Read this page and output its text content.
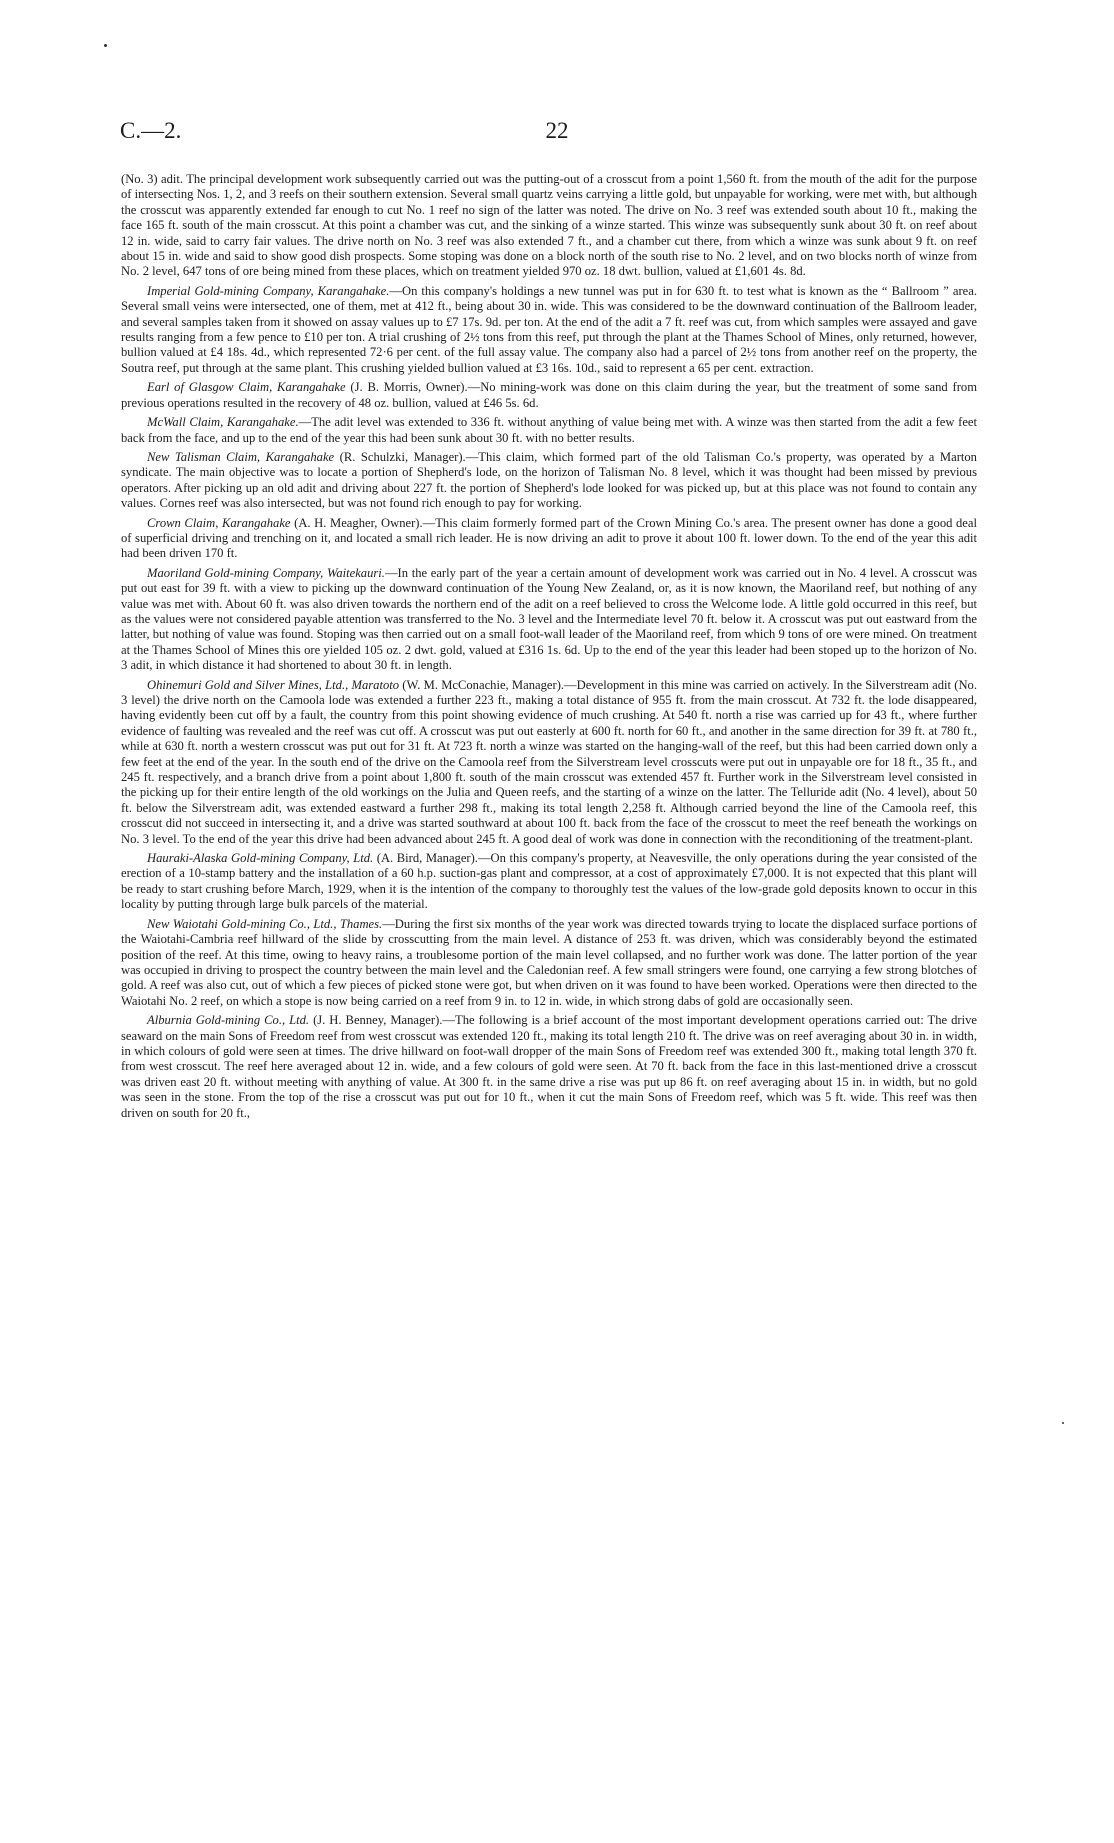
C.—2.	22

(No. 3) adit. The principal development work subsequently carried out was the putting-out of a crosscut from a point 1,560 ft. from the mouth of the adit for the purpose of intersecting Nos. 1, 2, and 3 reefs on their southern extension. Several small quartz veins carrying a little gold, but unpayable for working, were met with, but although the crosscut was apparently extended far enough to cut No. 1 reef no sign of the latter was noted. The drive on No. 3 reef was extended south about 10 ft., making the face 165 ft. south of the main crosscut. At this point a chamber was cut, and the sinking of a winze started. This winze was subsequently sunk about 30 ft. on reef about 12 in. wide, said to carry fair values. The drive north on No. 3 reef was also extended 7 ft., and a chamber cut there, from which a winze was sunk about 9 ft. on reef about 15 in. wide and said to show good dish prospects. Some stoping was done on a block north of the south rise to No. 2 level, and on two blocks north of winze from No. 2 level, 647 tons of ore being mined from these places, which on treatment yielded 970 oz. 18 dwt. bullion, valued at £1,601 4s. 8d.

Imperial Gold-mining Company, Karangahake.—On this company's holdings a new tunnel was put in for 630 ft. to test what is known as the “ Ballroom ” area. Several small veins were intersected, one of them, met at 412 ft., being about 30 in. wide. This was considered to be the downward continuation of the Ballroom leader, and several samples taken from it showed on assay values up to £7 17s. 9d. per ton. At the end of the adit a 7 ft. reef was cut, from which samples were assayed and gave results ranging from a few pence to £10 per ton. A trial crushing of 2½ tons from this reef, put through the plant at the Thames School of Mines, only returned, however, bullion valued at £4 18s. 4d., which represented 72·6 per cent. of the full assay value. The company also had a parcel of 2½ tons from another reef on the property, the Soutra reef, put through at the same plant. This crushing yielded bullion valued at £3 16s. 10d., said to represent a 65 per cent. extraction.

Earl of Glasgow Claim, Karangahake (J. B. Morris, Owner).—No mining-work was done on this claim during the year, but the treatment of some sand from previous operations resulted in the recovery of 48 oz. bullion, valued at £46 5s. 6d.

McWall Claim, Karangahake.—The adit level was extended to 336 ft. without anything of value being met with. A winze was then started from the adit a few feet back from the face, and up to the end of the year this had been sunk about 30 ft. with no better results.

New Talisman Claim, Karangahake (R. Schulzki, Manager).—This claim, which formed part of the old Talisman Co.'s property, was operated by a Marton syndicate. The main objective was to locate a portion of Shepherd's lode, on the horizon of Talisman No. 8 level, which it was thought had been missed by previous operators. After picking up an old adit and driving about 227 ft. the portion of Shepherd's lode looked for was picked up, but at this place was not found to contain any values. Cornes reef was also intersected, but was not found rich enough to pay for working.

Crown Claim, Karangahake (A. H. Meagher, Owner).—This claim formerly formed part of the Crown Mining Co.'s area. The present owner has done a good deal of superficial driving and trenching on it, and located a small rich leader. He is now driving an adit to prove it about 100 ft. lower down. To the end of the year this adit had been driven 170 ft.

Maoriland Gold-mining Company, Waitekauri.—In the early part of the year a certain amount of development work was carried out in No. 4 level. A crosscut was put out east for 39 ft. with a view to picking up the downward continuation of the Young New Zealand, or, as it is now known, the Maoriland reef, but nothing of any value was met with. About 60 ft. was also driven towards the northern end of the adit on a reef believed to cross the Welcome lode. A little gold occurred in this reef, but as the values were not considered payable attention was transferred to the No. 3 level and the Intermediate level 70 ft. below it. A crosscut was put out eastward from the latter, but nothing of value was found. Stoping was then carried out on a small foot-wall leader of the Maoriland reef, from which 9 tons of ore were mined. On treatment at the Thames School of Mines this ore yielded 105 oz. 2 dwt. gold, valued at £316 1s. 6d. Up to the end of the year this leader had been stoped up to the horizon of No. 3 adit, in which distance it had shortened to about 30 ft. in length.

Ohinemuri Gold and Silver Mines, Ltd., Maratoto (W. M. McConachie, Manager).—Development in this mine was carried on actively. In the Silverstream adit (No. 3 level) the drive north on the Camoola lode was extended a further 223 ft., making a total distance of 955 ft. from the main crosscut. At 732 ft. the lode disappeared, having evidently been cut off by a fault, the country from this point showing evidence of much crushing. At 540 ft. north a rise was carried up for 43 ft., where further evidence of faulting was revealed and the reef was cut off. A crosscut was put out easterly at 600 ft. north for 60 ft., and another in the same direction for 39 ft. at 780 ft., while at 630 ft. north a western crosscut was put out for 31 ft. At 723 ft. north a winze was started on the hanging-wall of the reef, but this had been carried down only a few feet at the end of the year. In the south end of the drive on the Camoola reef from the Silverstream level crosscuts were put out in unpayable ore for 18 ft., 35 ft., and 245 ft. respectively, and a branch drive from a point about 1,800 ft. south of the main crosscut was extended 457 ft. Further work in the Silverstream level consisted in the picking up for their entire length of the old workings on the Julia and Queen reefs, and the starting of a winze on the latter. The Telluride adit (No. 4 level), about 50 ft. below the Silverstream adit, was extended eastward a further 298 ft., making its total length 2,258 ft. Although carried beyond the line of the Camoola reef, this crosscut did not succeed in intersecting it, and a drive was started southward at about 100 ft. back from the face of the crosscut to meet the reef beneath the workings on No. 3 level. To the end of the year this drive had been advanced about 245 ft. A good deal of work was done in connection with the reconditioning of the treatment-plant.

Hauraki-Alaska Gold-mining Company, Ltd. (A. Bird, Manager).—On this company's property, at Neavesville, the only operations during the year consisted of the erection of a 10-stamp battery and the installation of a 60 h.p. suction-gas plant and compressor, at a cost of approximately £7,000. It is not expected that this plant will be ready to start crushing before March, 1929, when it is the intention of the company to thoroughly test the values of the low-grade gold deposits known to occur in this locality by putting through large bulk parcels of the material.

New Waiotahi Gold-mining Co., Ltd., Thames.—During the first six months of the year work was directed towards trying to locate the displaced surface portions of the Waiotahi-Cambria reef hillward of the slide by crosscutting from the main level. A distance of 253 ft. was driven, which was considerably beyond the estimated position of the reef. At this time, owing to heavy rains, a troublesome portion of the main level collapsed, and no further work was done. The latter portion of the year was occupied in driving to prospect the country between the main level and the Caledonian reef. A few small stringers were found, one carrying a few strong blotches of gold. A reef was also cut, out of which a few pieces of picked stone were got, but when driven on it was found to have been worked. Operations were then directed to the Waiotahi No. 2 reef, on which a stope is now being carried on a reef from 9 in. to 12 in. wide, in which strong dabs of gold are occasionally seen.

Alburnia Gold-mining Co., Ltd. (J. H. Benney, Manager).—The following is a brief account of the most important development operations carried out: The drive seaward on the main Sons of Freedom reef from west crosscut was extended 120 ft., making its total length 210 ft. The drive was on reef averaging about 30 in. in width, in which colours of gold were seen at times. The drive hillward on foot-wall dropper of the main Sons of Freedom reef was extended 300 ft., making total length 370 ft. from west crosscut. The reef here averaged about 12 in. wide, and a few colours of gold were seen. At 70 ft. back from the face in this last-mentioned drive a crosscut was driven east 20 ft. without meeting with anything of value. At 300 ft. in the same drive a rise was put up 86 ft. on reef averaging about 15 in. in width, but no gold was seen in the stone. From the top of the rise a crosscut was put out for 10 ft., when it cut the main Sons of Freedom reef, which was 5 ft. wide. This reef was then driven on south for 20 ft.,
